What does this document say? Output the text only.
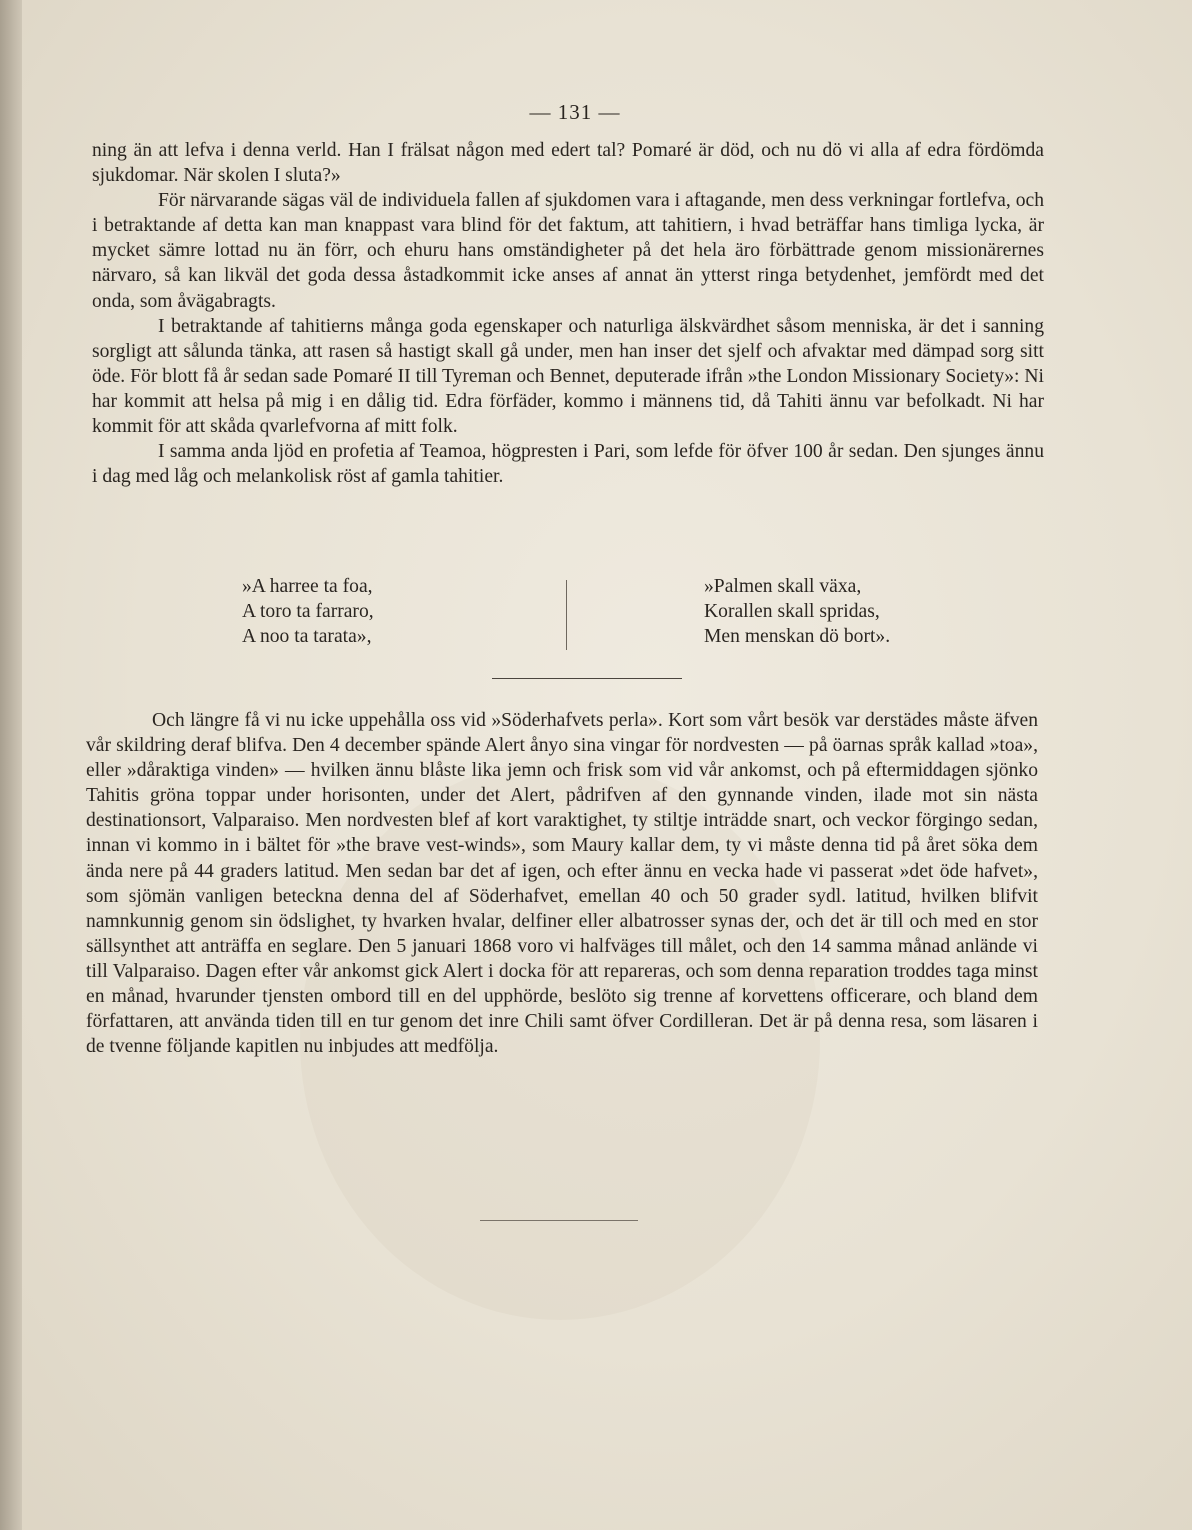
— 131 —

ning än att lefva i denna verld. Han I frälsat någon med edert tal? Pomaré är död, och nu dö vi alla af edra fördömda sjukdomar. När skolen I sluta?»

För närvarande sägas väl de individuela fallen af sjukdomen vara i aftagande, men dess verkningar fortlefva, och i betraktande af detta kan man knappast vara blind för det faktum, att tahitiern, i hvad beträffar hans timliga lycka, är mycket sämre lottad nu än förr, och ehuru hans omständigheter på det hela äro förbättrade genom missionärernes närvaro, så kan likväl det goda dessa åstadkommit icke anses af annat än ytterst ringa betydenhet, jemfördt med det onda, som åvägabragts.

I betraktande af tahitierns många goda egenskaper och naturliga älskvärdhet såsom menniska, är det i sanning sorgligt att sålunda tänka, att rasen så hastigt skall gå under, men han inser det sjelf och afvaktar med dämpad sorg sitt öde. För blott få år sedan sade Pomaré II till Tyreman och Bennet, deputerade ifrån »the London Missionary Society»: Ni har kommit att helsa på mig i en dålig tid. Edra förfäder, kommo i männens tid, då Tahiti ännu var befolkadt. Ni har kommit för att skåda qvarlefvorna af mitt folk.

I samma anda ljöd en profetia af Teamoa, högpresten i Pari, som lefde för öfver 100 år sedan. Den sjunges ännu i dag med låg och melankolisk röst af gamla tahitier.

»A harree ta foa,
A toro ta farraro,
A noo ta tarata»,
»Palmen skall växa,
Korallen skall spridas,
Men menskan dö bort».

Och längre få vi nu icke uppehålla oss vid »Söderhafvets perla». Kort som vårt besök var derstädes måste äfven vår skildring deraf blifva. Den 4 december spände Alert ånyo sina vingar för nordvesten — på öarnas språk kallad »toa», eller »dåraktiga vinden» — hvilken ännu blåste lika jemn och frisk som vid vår ankomst, och på eftermiddagen sjönko Tahitis gröna toppar under horisonten, under det Alert, pådrifven af den gynnande vinden, ilade mot sin nästa destinationsort, Valparaiso. Men nordvesten blef af kort varaktighet, ty stiltje inträdde snart, och veckor förgingo sedan, innan vi kommo in i bältet för »the brave vest-winds», som Maury kallar dem, ty vi måste denna tid på året söka dem ända nere på 44 graders latitud. Men sedan bar det af igen, och efter ännu en vecka hade vi passerat »det öde hafvet», som sjömän vanligen beteckna denna del af Söderhafvet, emellan 40 och 50 grader sydl. latitud, hvilken blifvit namnkunnig genom sin ödslighet, ty hvarken hvalar, delfiner eller albatrosser synas der, och det är till och med en stor sällsynthet att anträffa en seglare. Den 5 januari 1868 voro vi halfväges till målet, och den 14 samma månad anlände vi till Valparaiso. Dagen efter vår ankomst gick Alert i docka för att repareras, och som denna reparation troddes taga minst en månad, hvarunder tjensten ombord till en del upphörde, beslöto sig trenne af korvettens officerare, och bland dem författaren, att använda tiden till en tur genom det inre Chili samt öfver Cordilleran. Det är på denna resa, som läsaren i de tvenne följande kapitlen nu inbjudes att medfölja.
